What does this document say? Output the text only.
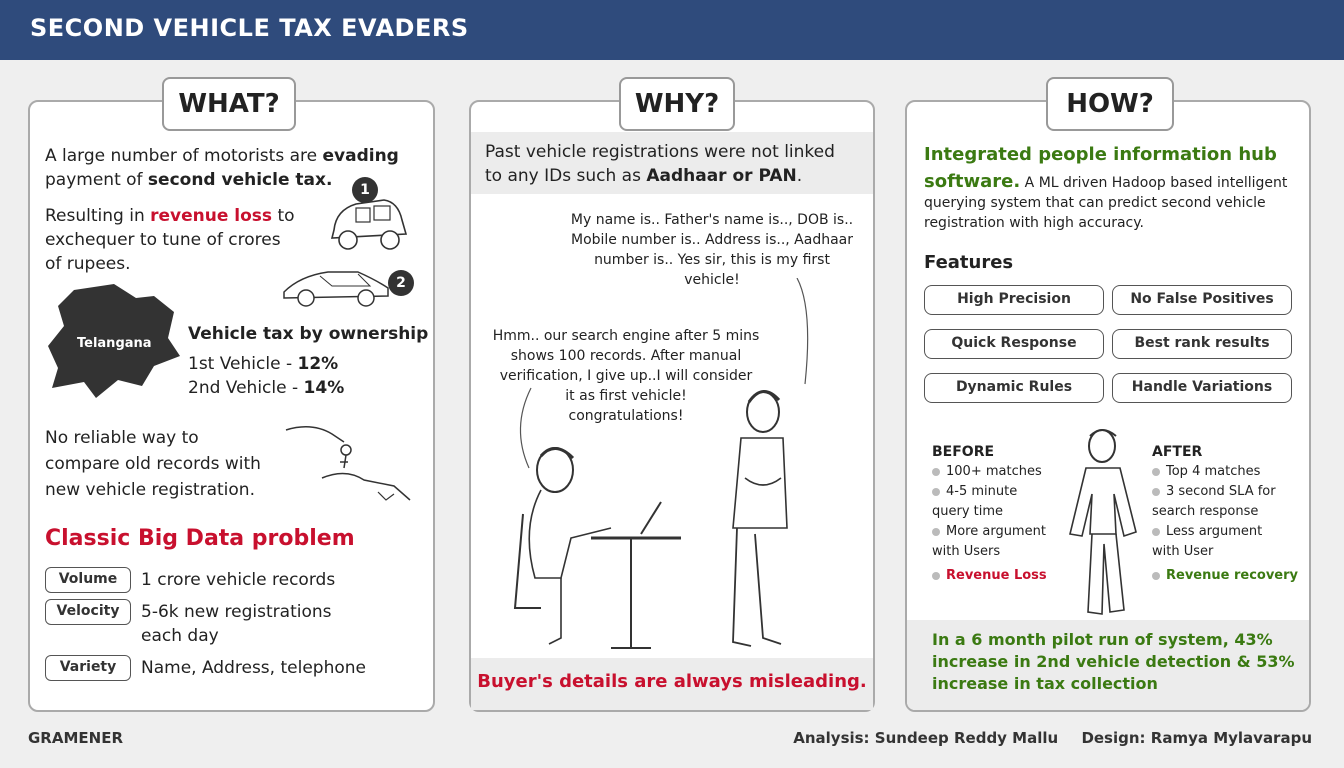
SECOND VEHICLE TAX EVADERS
WHAT?
A large number of motorists are evading
payment of second vehicle tax.	1
Resulting in revenue loss to
exchequer to tune of crores
of rupees.
2
Telangana Vehicle tax by ownership
1st Vehicle - 12%
2nd Vehicle - 14%
No reliable way to
compare old records with
new vehicle registration.
Classic Big Data problem
Volume	1 crore vehicle records
Velocity	5-6k new registrations
each day
Variety	Name, Address, telephone
WHY?
Past vehicle registrations were not linked
to any IDs such as Aadhaar or PAN.
My name is.. Father's name is.., DOB is..
Mobile number is.. Address is.., Aadhaar
number is.. Yes sir, this is my first
vehicle!
Hmm.. our search engine after 5 mins
shows 100 records. After manual
verification, I give up..I will consider
it as first vehicle!
congratulations!
Buyer's details are always misleading.
HOW?
Integrated people information hub
software. A ML driven Hadoop based intelligent
querying system that can predict second vehicle
registration with high accuracy.
Features
High Precision	No False Positives
Quick Response	Best rank results
Dynamic Rules	Handle Variations
BEFORE
100+ matches
4-5 minute
query time
More argument
with Users
Revenue Loss
AFTER
Top 4 matches
3 second SLA for
search response
Less argument
with User
Revenue recovery
In a 6 month pilot run of system, 43%
increase in 2nd vehicle detection & 53%
increase in tax collection
GRAMENER	Analysis: Sundeep Reddy Mallu Design: Ramya Mylavarapu
